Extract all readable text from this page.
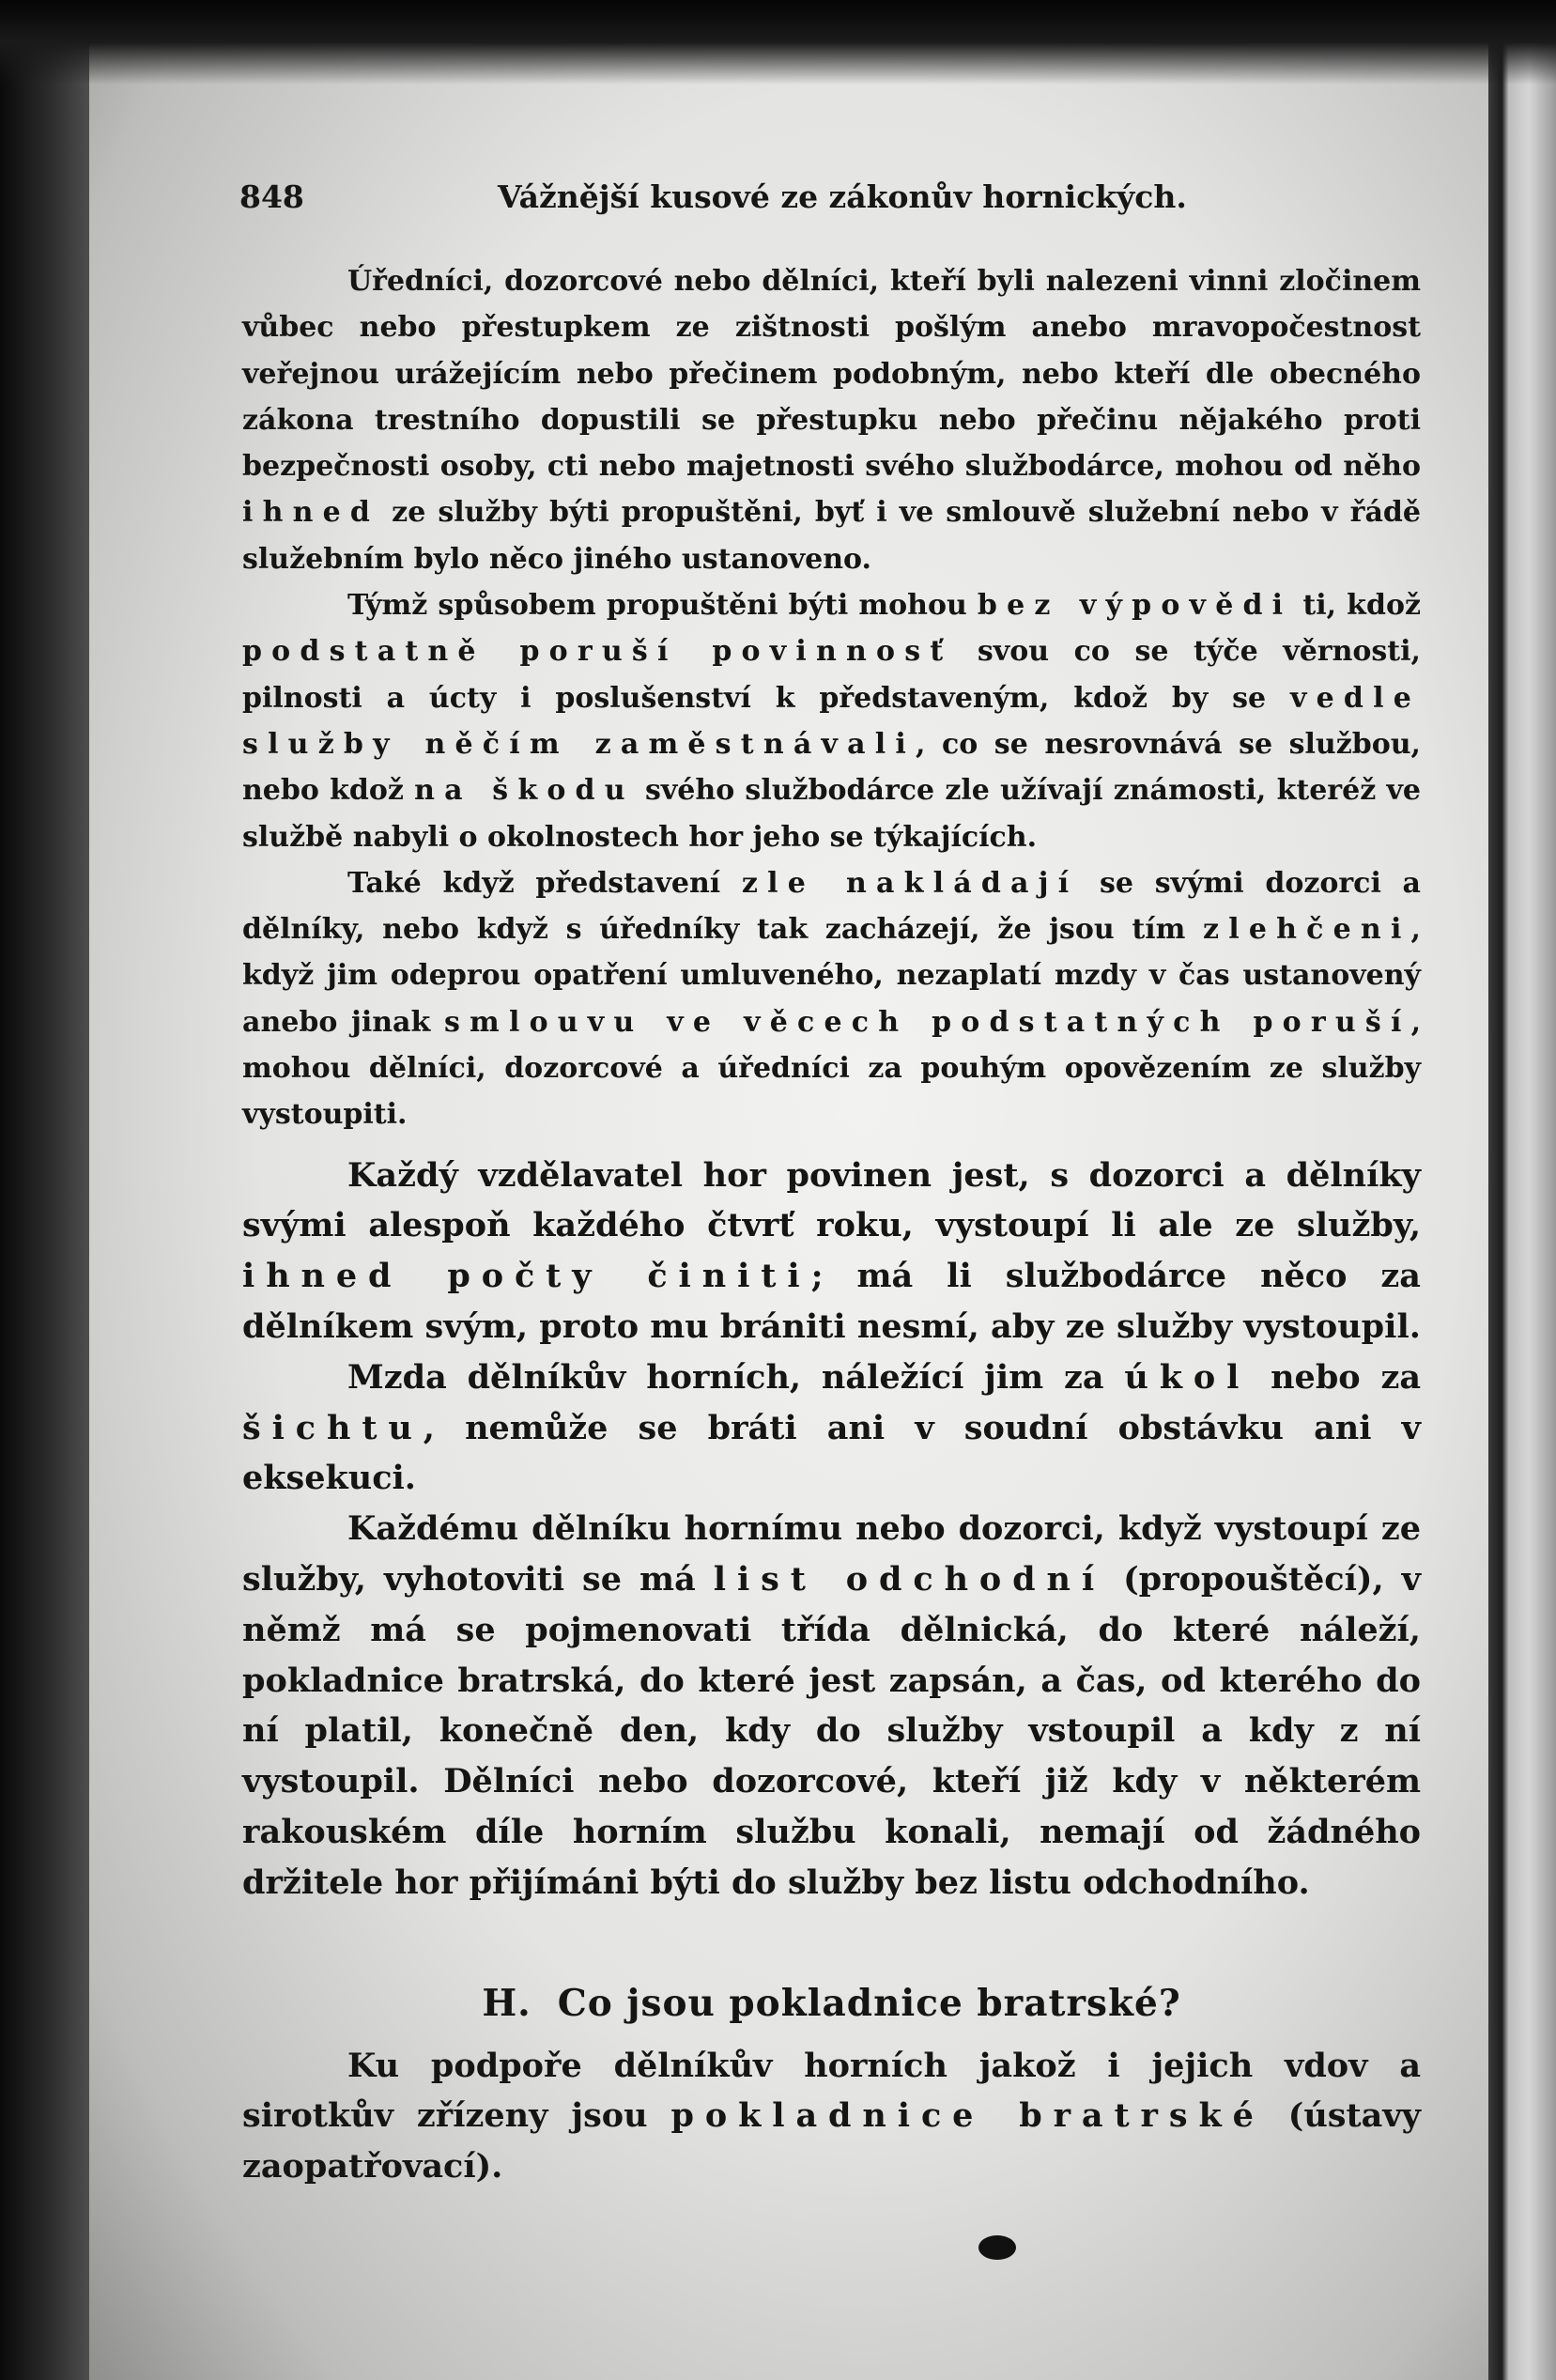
848	Vážnější kusové ze zákonův hornických.

Úředníci, dozorcové nebo dělníci, kteří byli nalezeni vinni zločinem vůbec nebo přestupkem ze zištnosti pošlým anebo mravopočestnost veřejnou urážejícím nebo přečinem podobným, nebo kteří dle obecného zákona trestního dopustili se přestupku nebo přečinu nějakého proti bezpečnosti osoby, cti nebo majetnosti svého službodárce, mohou od něho ihned ze služby býti propuštěni, byť i ve smlouvě služební nebo v řádě služebním bylo něco jiného ustanoveno.

Týmž spůsobem propuštěni býti mohou bez výpovědi ti, kdož podstatně poruší povinnosť svou co se týče věrnosti, pilnosti a úcty i poslušenství k představeným, kdož by se vedle služby něčím zaměstnávali, co se nesrovnává se službou, nebo kdož na škodu svého službodárce zle užívají známosti, kteréž ve službě nabyli o okolnostech hor jeho se týkajících.

Také když představení zle nakládají se svými dozorci a dělníky, nebo když s úředníky tak zacházejí, že jsou tím zlehčeni, když jim odeprou opatření umluveného, nezaplatí mzdy v čas ustanovený anebo jinak smlouvu ve věcech podstatných poruší, mohou dělníci, dozorcové a úředníci za pouhým opovězením ze služby vystoupiti.

Každý vzdělavatel hor povinen jest, s dozorci a dělníky svými alespoň každého čtvrť roku, vystoupí li ale ze služby, ihned počty činiti; má li službodárce něco za dělníkem svým, proto mu brániti nesmí, aby ze služby vystoupil.

Mzda dělníkův horních, náležící jim za úkol nebo za šichtu, nemůže se bráti ani v soudní obstávku ani v eksekuci.

Každému dělníku hornímu nebo dozorci, když vystoupí ze služby, vyhotoviti se má list odchodní (propouštěcí), v němž má se pojmenovati třída dělnická, do které náleží, pokladnice bratrská, do které jest zapsán, a čas, od kterého do ní platil, konečně den, kdy do služby vstoupil a kdy z ní vystoupil. Dělníci nebo dozorcové, kteří již kdy v některém rakouském díle horním službu konali, nemají od žádného držitele hor přijímáni býti do služby bez listu odchodního.

H. Co jsou pokladnice bratrské?

Ku podpoře dělníkův horních jakož i jejich vdov a sirotkův zřízeny jsou pokladnice bratrské (ústavy zaopatřovací).
